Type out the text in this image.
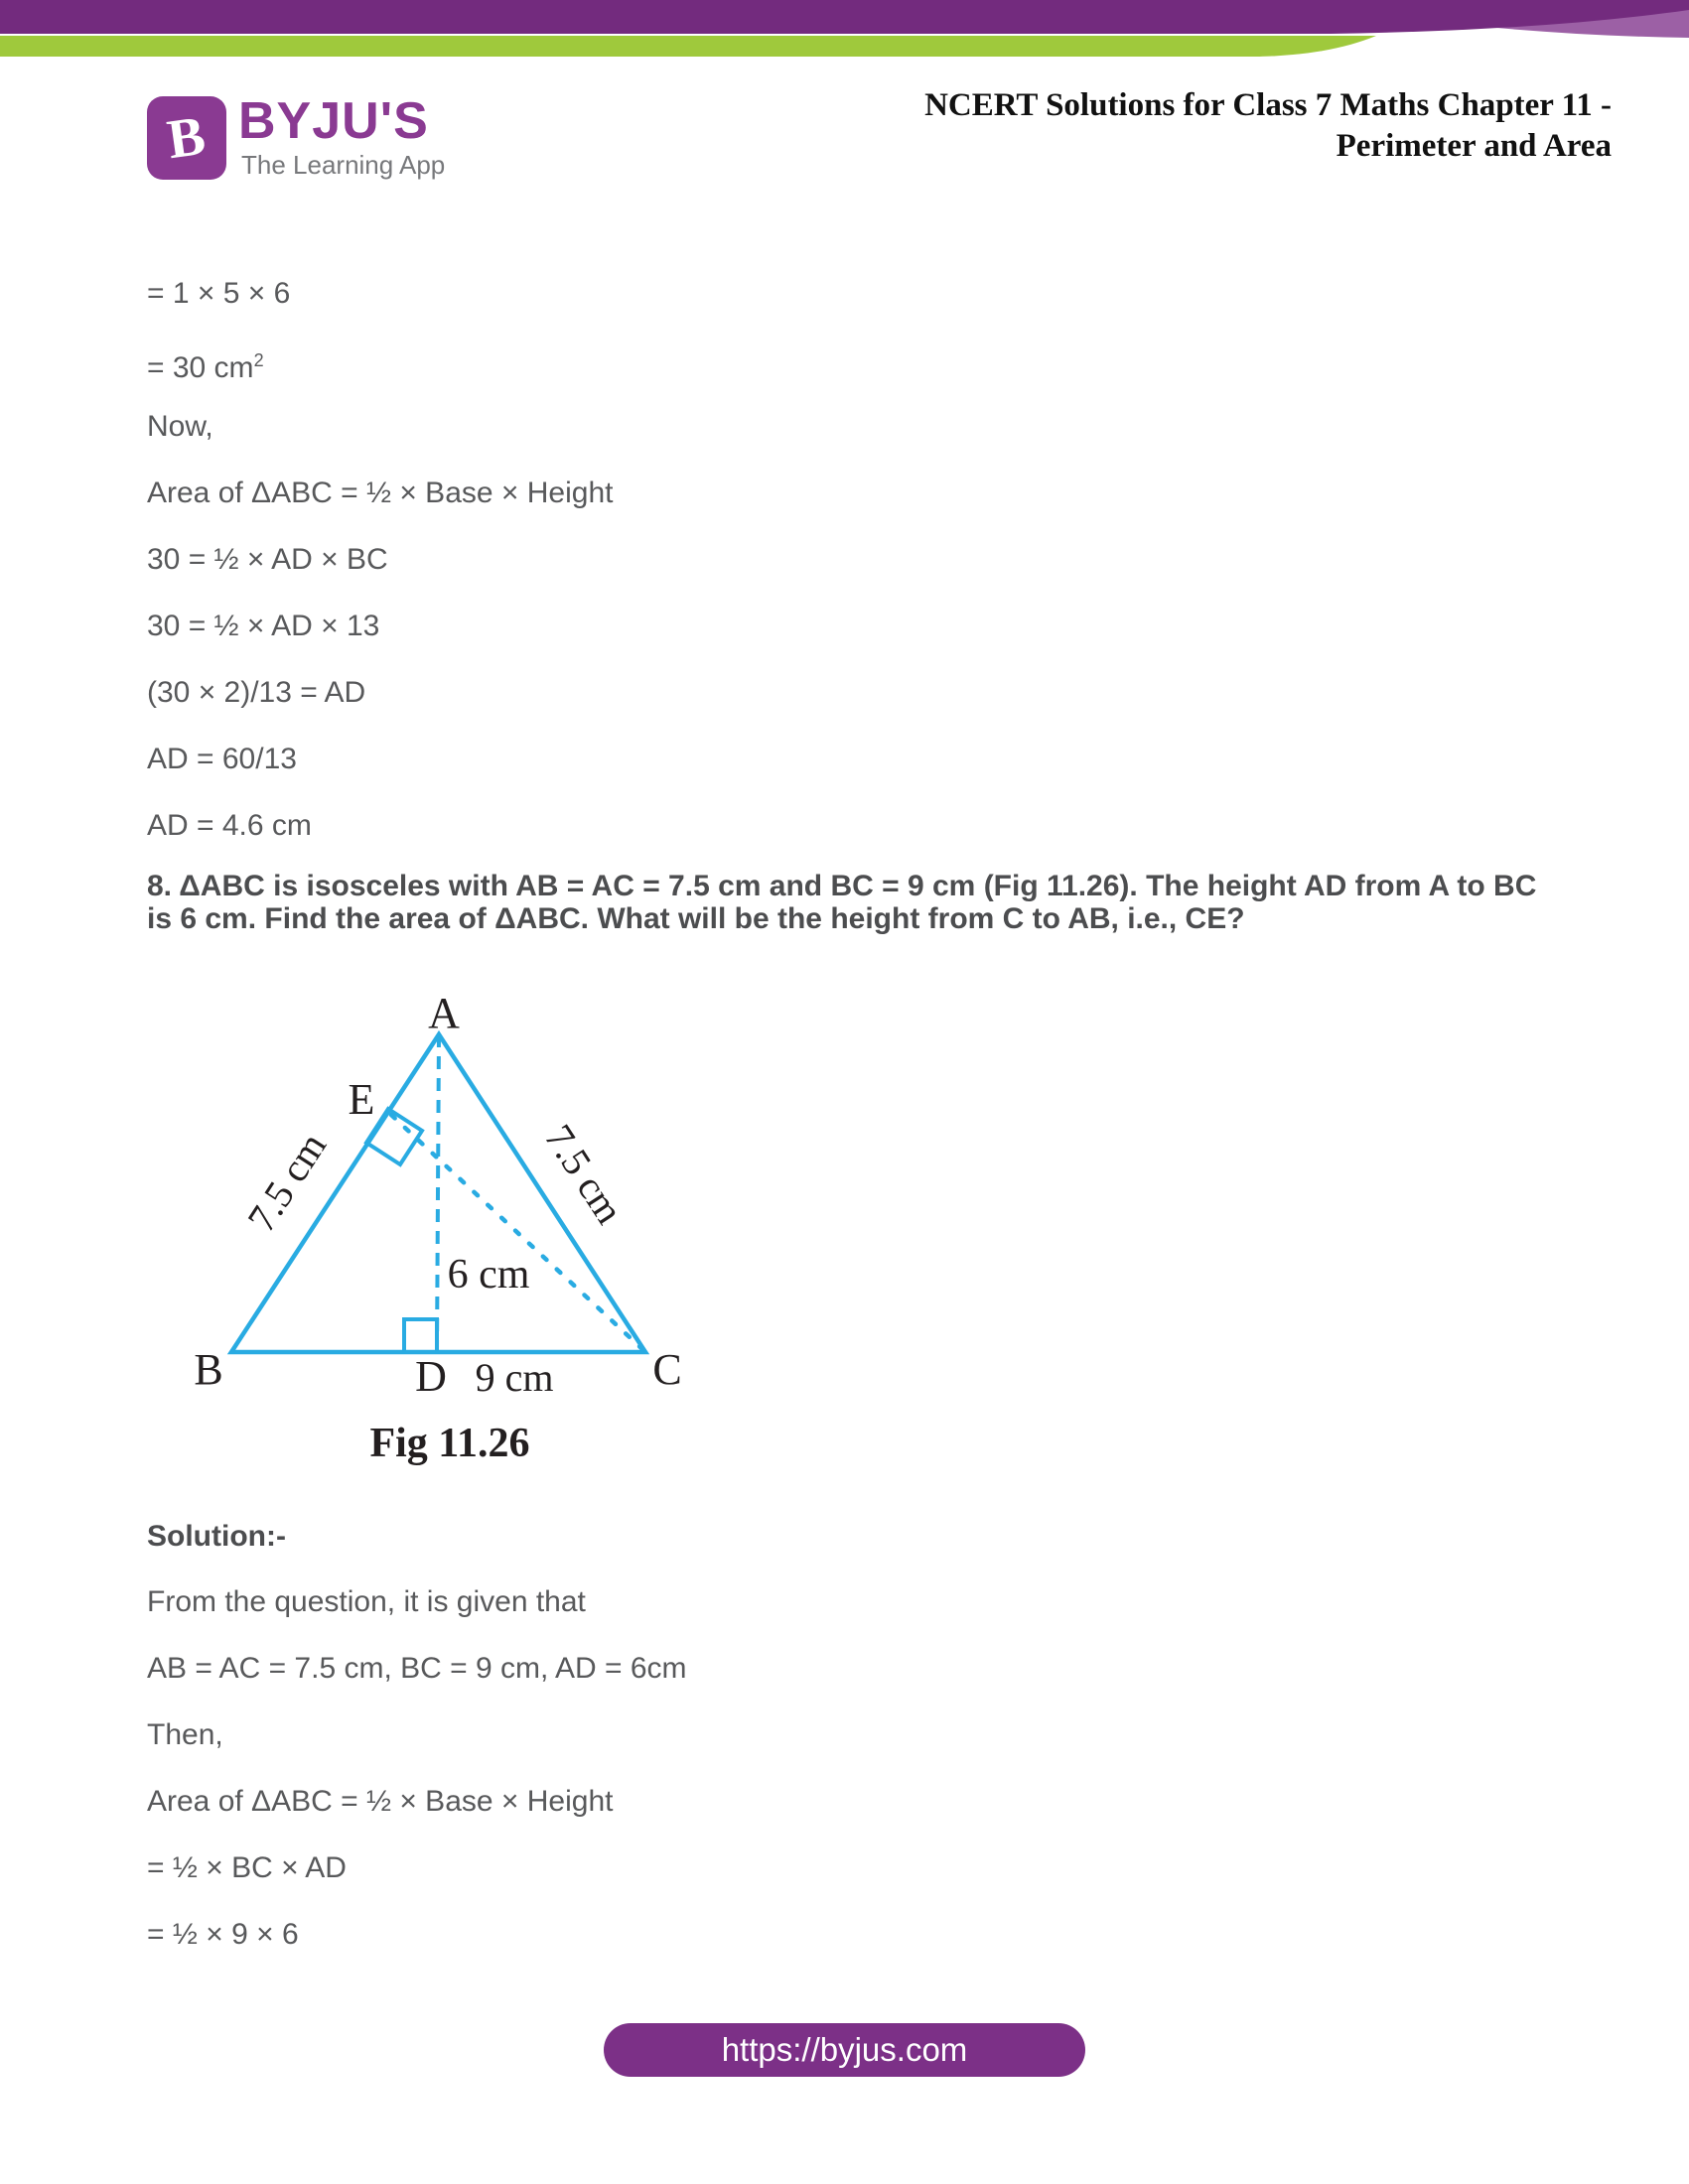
B BYJU'S
The Learning App
NCERT Solutions for Class 7 Maths Chapter 11 -
Perimeter and Area
= 1 × 5 × 6
= 30 $cm^2$
Now,
Area of ΔABC = ½ × Base × Height
30 = ½ × AD × BC
30 = ½ × AD × 13
(30 × 2)/13 = AD
AD = 60/13
AD = 4.6 cm
8. ΔABC is isosceles with AB = AC = 7.5 cm and BC = 9 cm (Fig 11.26). The height AD from A to BC
is 6 cm. Find the area of ΔABC. What will be the height from C to AB, i.e., CE?
A
E
B	C
D
7.5 cm	7.5 cm
6 cm
9 cm
Fig 11.26
Solution:-
From the question, it is given that
AB = AC = 7.5 cm, BC = 9 cm, AD = 6cm
Then,
Area of ΔABC = ½ × Base × Height
= ½ × BC × AD
= ½ × 9 × 6
https://byjus.com
